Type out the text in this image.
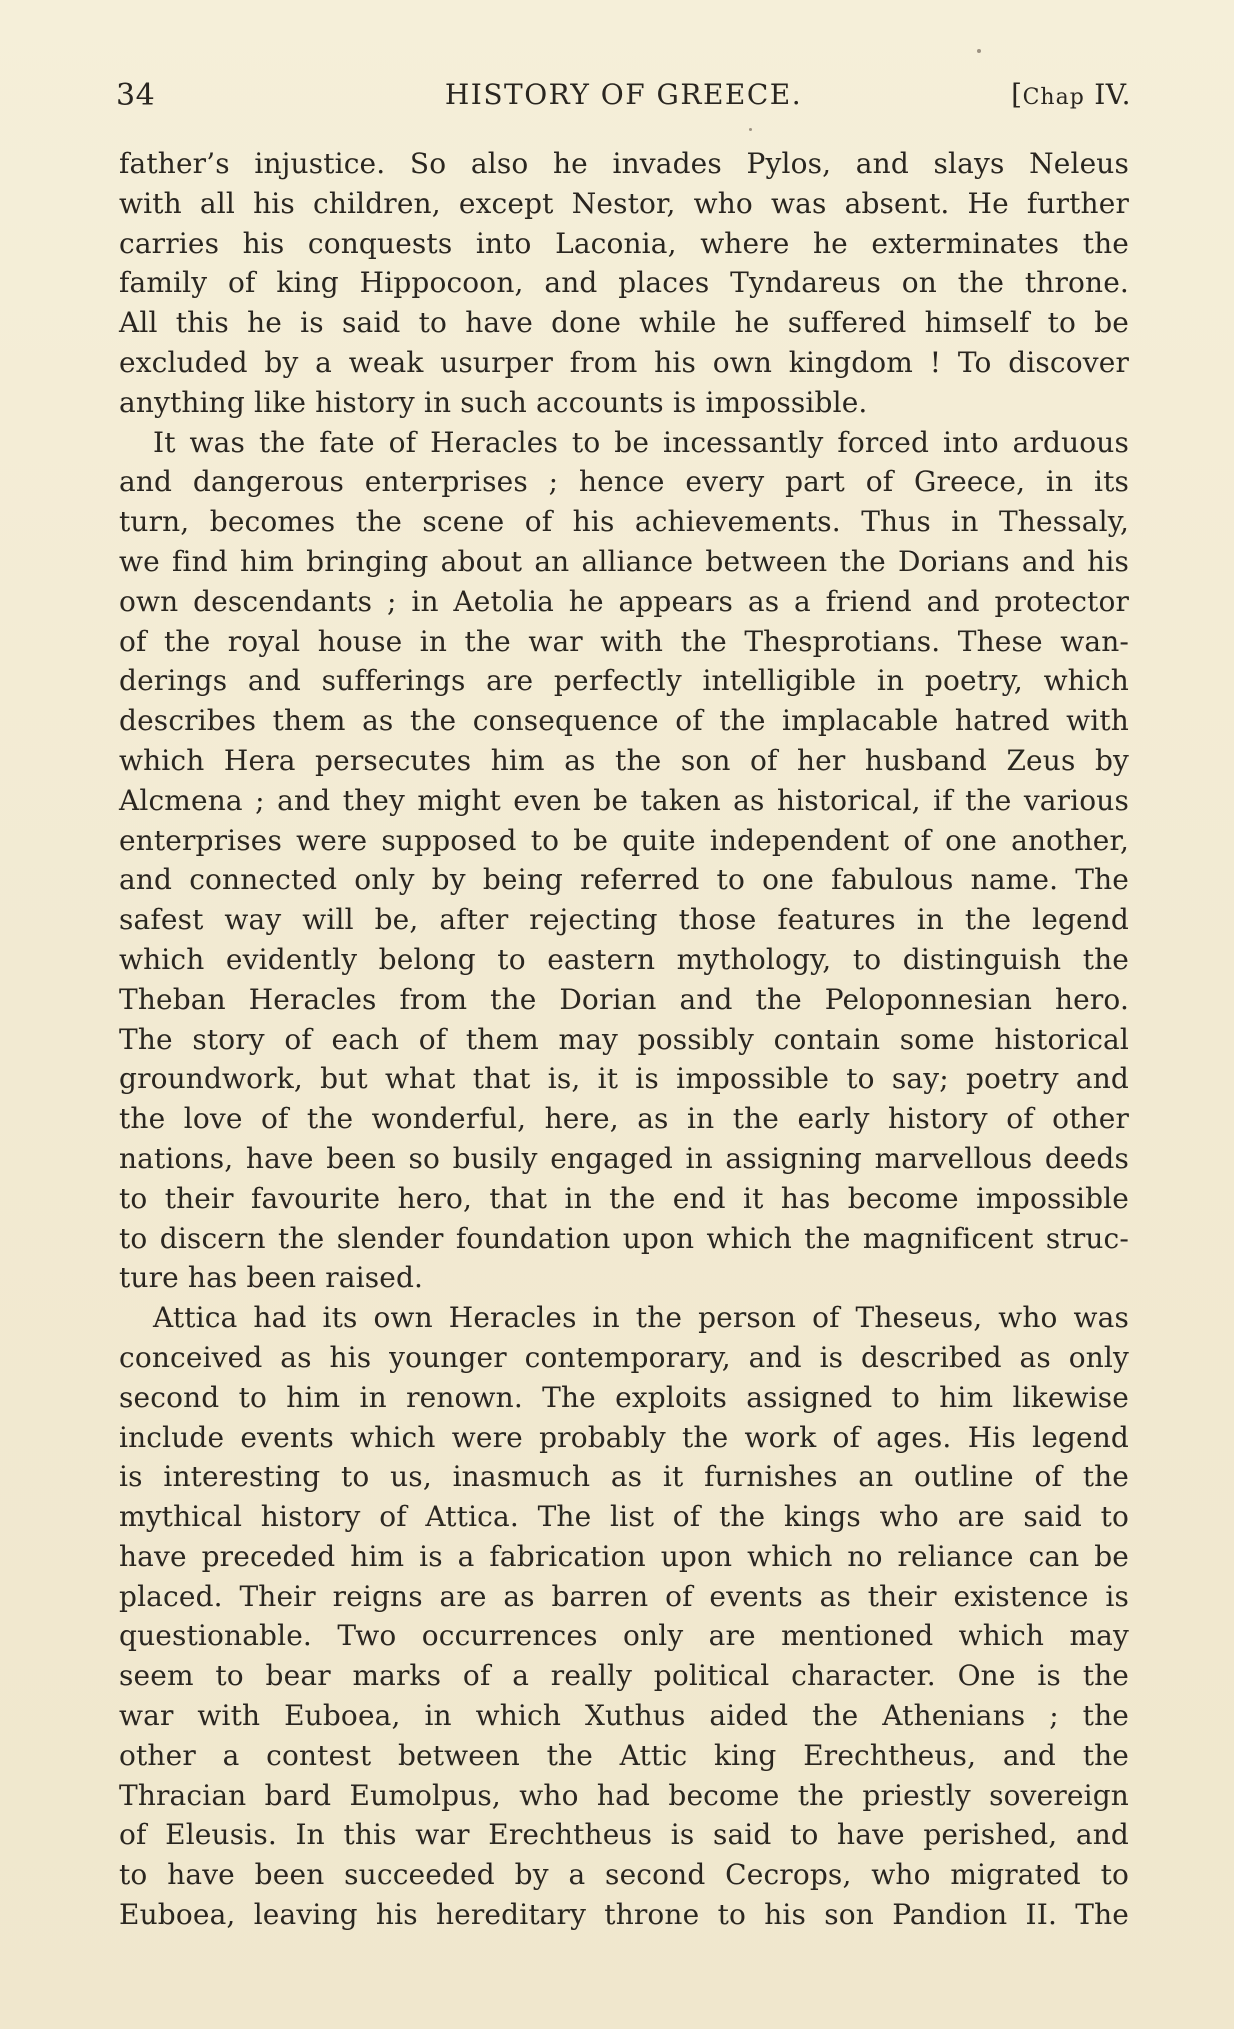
34	HISTORY OF GREECE.	[Chap IV.
father’s injustice. So also he invades Pylos, and slays Neleus
with all his children, except Nestor, who was absent. He further
carries his conquests into Laconia, where he exterminates the
family of king Hippocoon, and places Tyndareus on the throne.
All this he is said to have done while he suffered himself to be
excluded by a weak usurper from his own kingdom ! To discover
anything like history in such accounts is impossible.
It was the fate of Heracles to be incessantly forced into arduous
and dangerous enterprises ; hence every part of Greece, in its
turn, becomes the scene of his achievements. Thus in Thessaly,
we find him bringing about an alliance between the Dorians and his
own descendants ; in Aetolia he appears as a friend and protector
of the royal house in the war with the Thesprotians. These wan-
derings and sufferings are perfectly intelligible in poetry, which
describes them as the consequence of the implacable hatred with
which Hera persecutes him as the son of her husband Zeus by
Alcmena ; and they might even be taken as historical, if the various
enterprises were supposed to be quite independent of one another,
and connected only by being referred to one fabulous name. The
safest way will be, after rejecting those features in the legend
which evidently belong to eastern mythology, to distinguish the
Theban Heracles from the Dorian and the Peloponnesian hero.
The story of each of them may possibly contain some historical
groundwork, but what that is, it is impossible to say; poetry and
the love of the wonderful, here, as in the early history of other
nations, have been so busily engaged in assigning marvellous deeds
to their favourite hero, that in the end it has become impossible
to discern the slender foundation upon which the magnificent struc-
ture has been raised.
Attica had its own Heracles in the person of Theseus, who was
conceived as his younger contemporary, and is described as only
second to him in renown. The exploits assigned to him likewise
include events which were probably the work of ages. His legend
is interesting to us, inasmuch as it furnishes an outline of the
mythical history of Attica. The list of the kings who are said to
have preceded him is a fabrication upon which no reliance can be
placed. Their reigns are as barren of events as their existence is
questionable. Two occurrences only are mentioned which may
seem to bear marks of a really political character. One is the
war with Euboea, in which Xuthus aided the Athenians ; the
other a contest between the Attic king Erechtheus, and the
Thracian bard Eumolpus, who had become the priestly sovereign
of Eleusis. In this war Erechtheus is said to have perished, and
to have been succeeded by a second Cecrops, who migrated to
Euboea, leaving his hereditary throne to his son Pandion II. The
